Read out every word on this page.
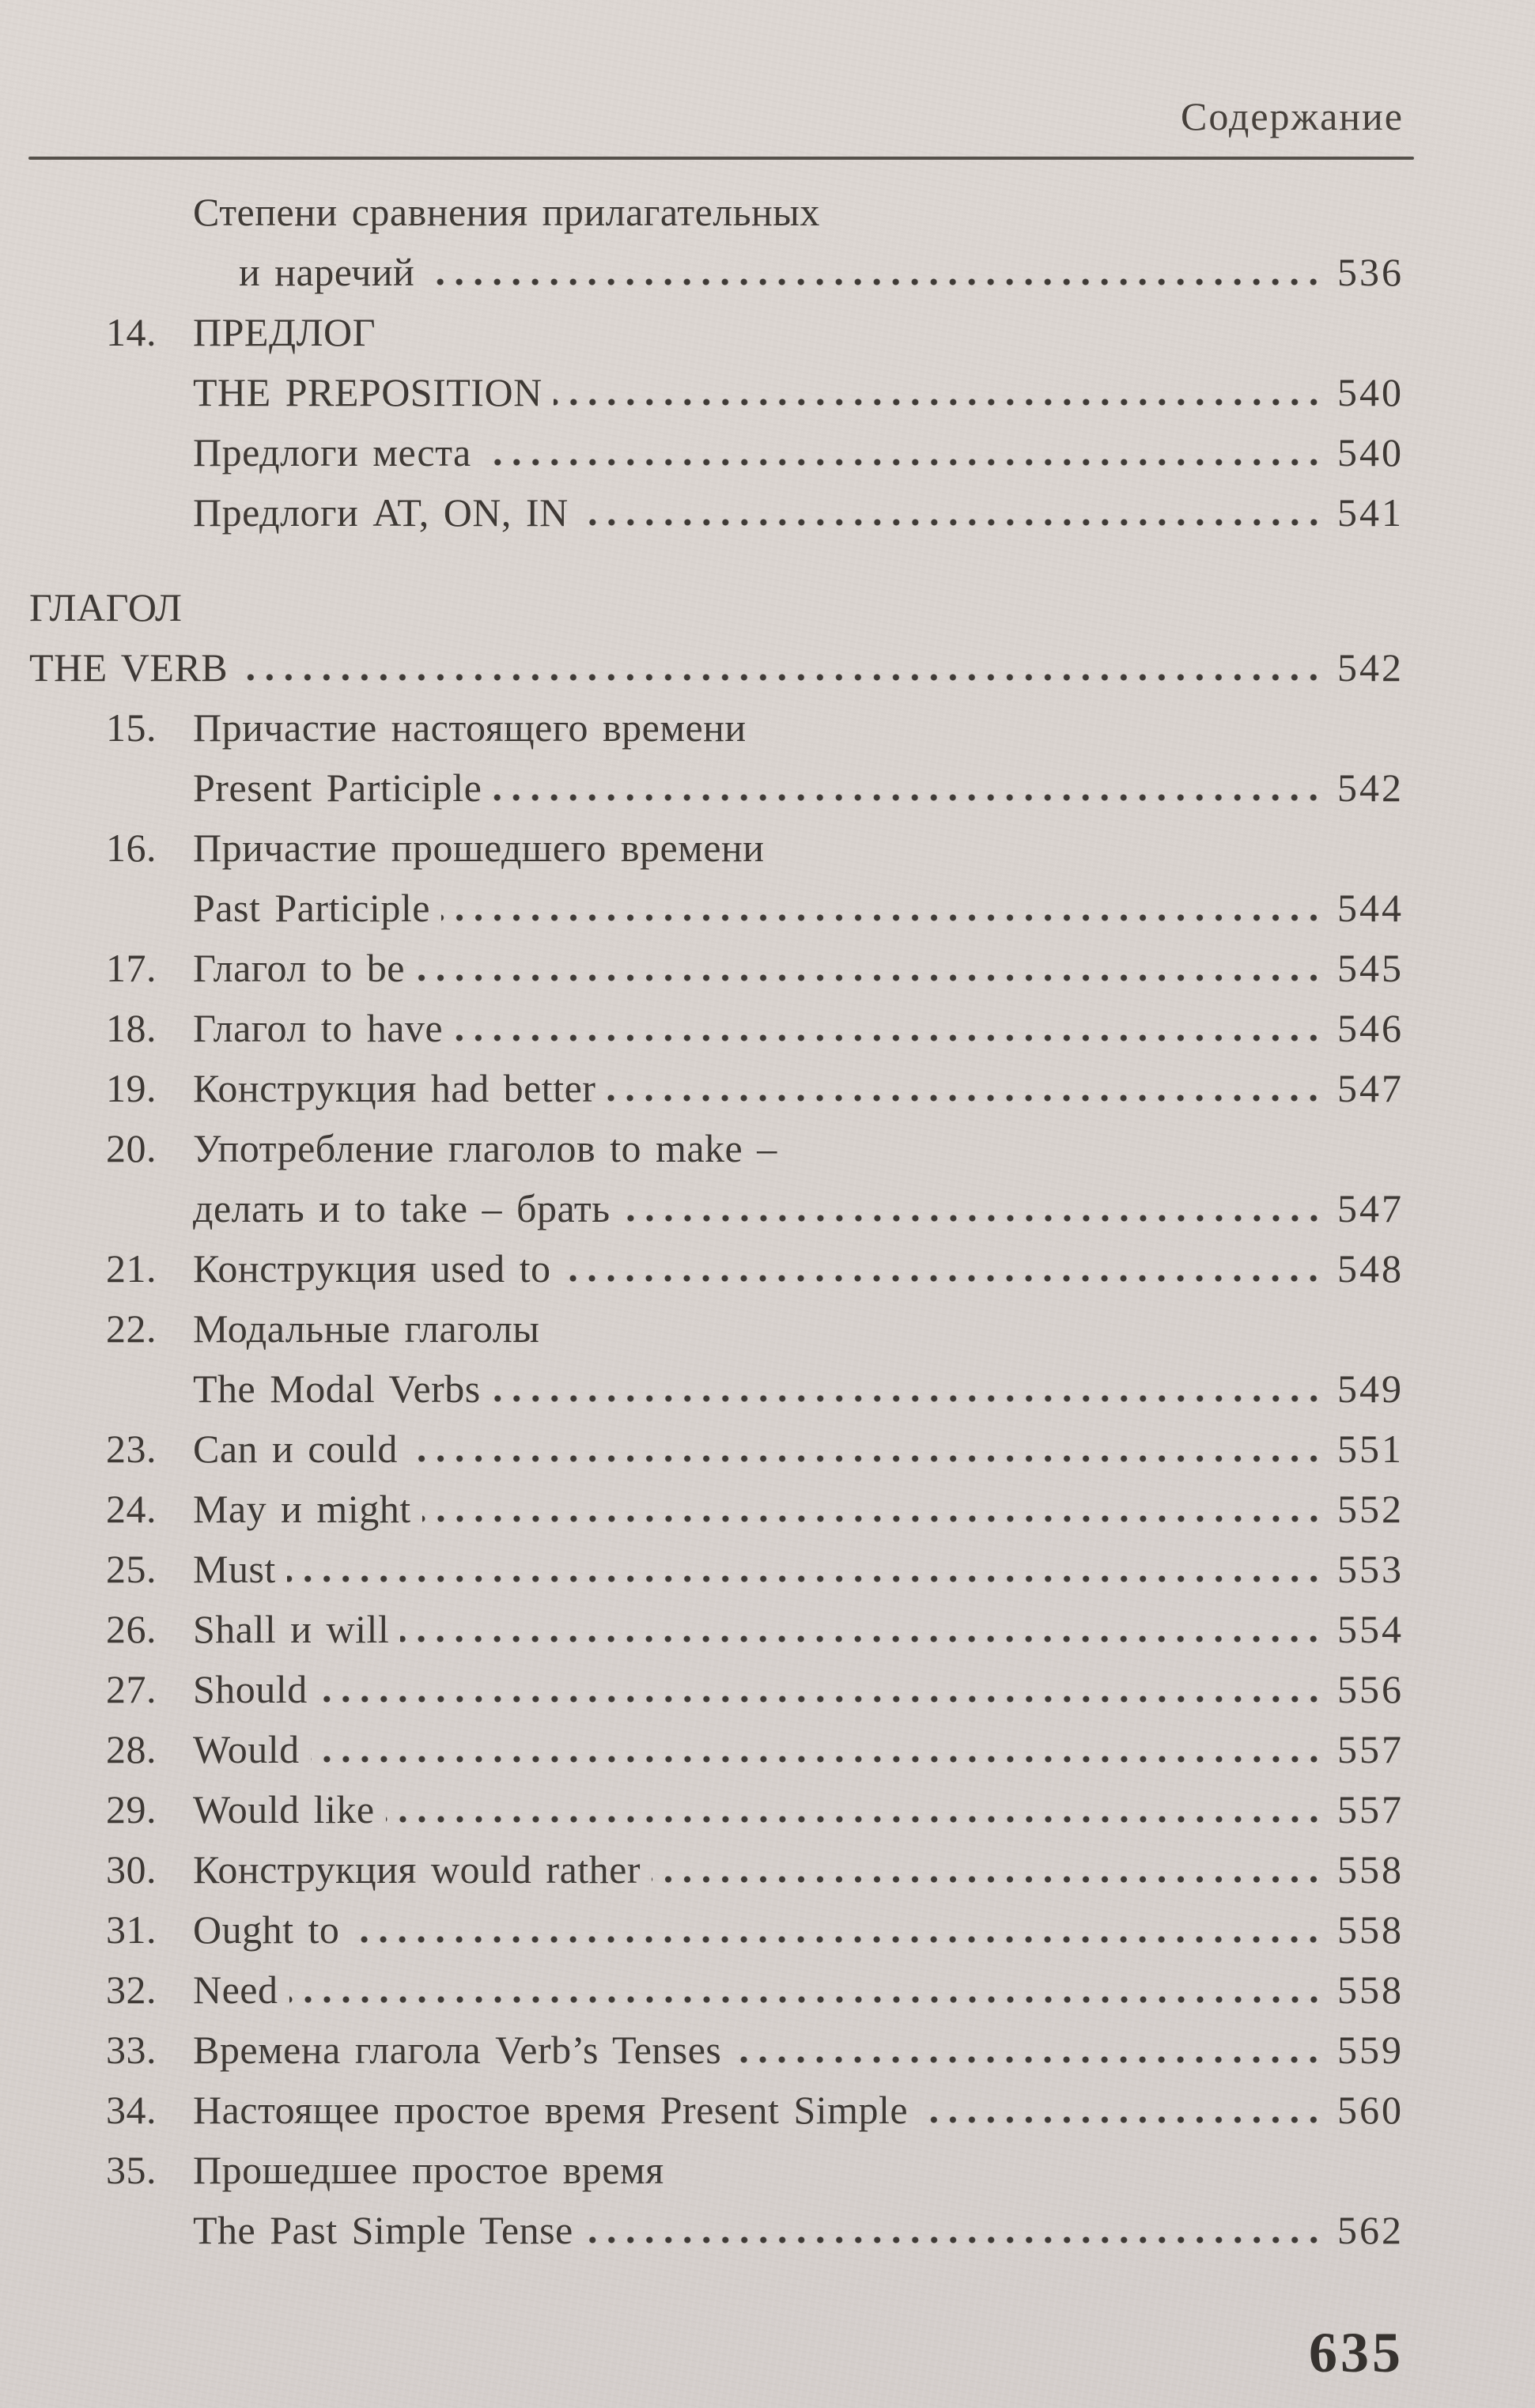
Содержание
Степени сравнения прилагательных
и наречий	536
14. ПРЕДЛОГ
THE PREPOSITION	540
Предлоги места	540
Предлоги AT, ON, IN	541
ГЛАГОЛ
THE VERB	542
15. Причастие настоящего времени
Present Participle	542
16. Причастие прошедшего времени
Past Participle	544
17. Глагол to be	545
18. Глагол to have	546
19. Конструкция had better	547
20. Употребление глаголов to make –
делать и to take – брать	547
21. Конструкция used to	548
22. Модальные глаголы
The Modal Verbs	549
23. Can и could	551
24. May и might	552
25. Must	553
26. Shall и will	554
27. Should	556
28. Would	557
29. Would like	557
30. Конструкция would rather	558
31. Ought to	558
32. Need	558
33. Времена глагола Verb’s Tenses	559
34. Настоящее простое время Present Simple	560
35. Прошедшее простое время
The Past Simple Tense	562
635
